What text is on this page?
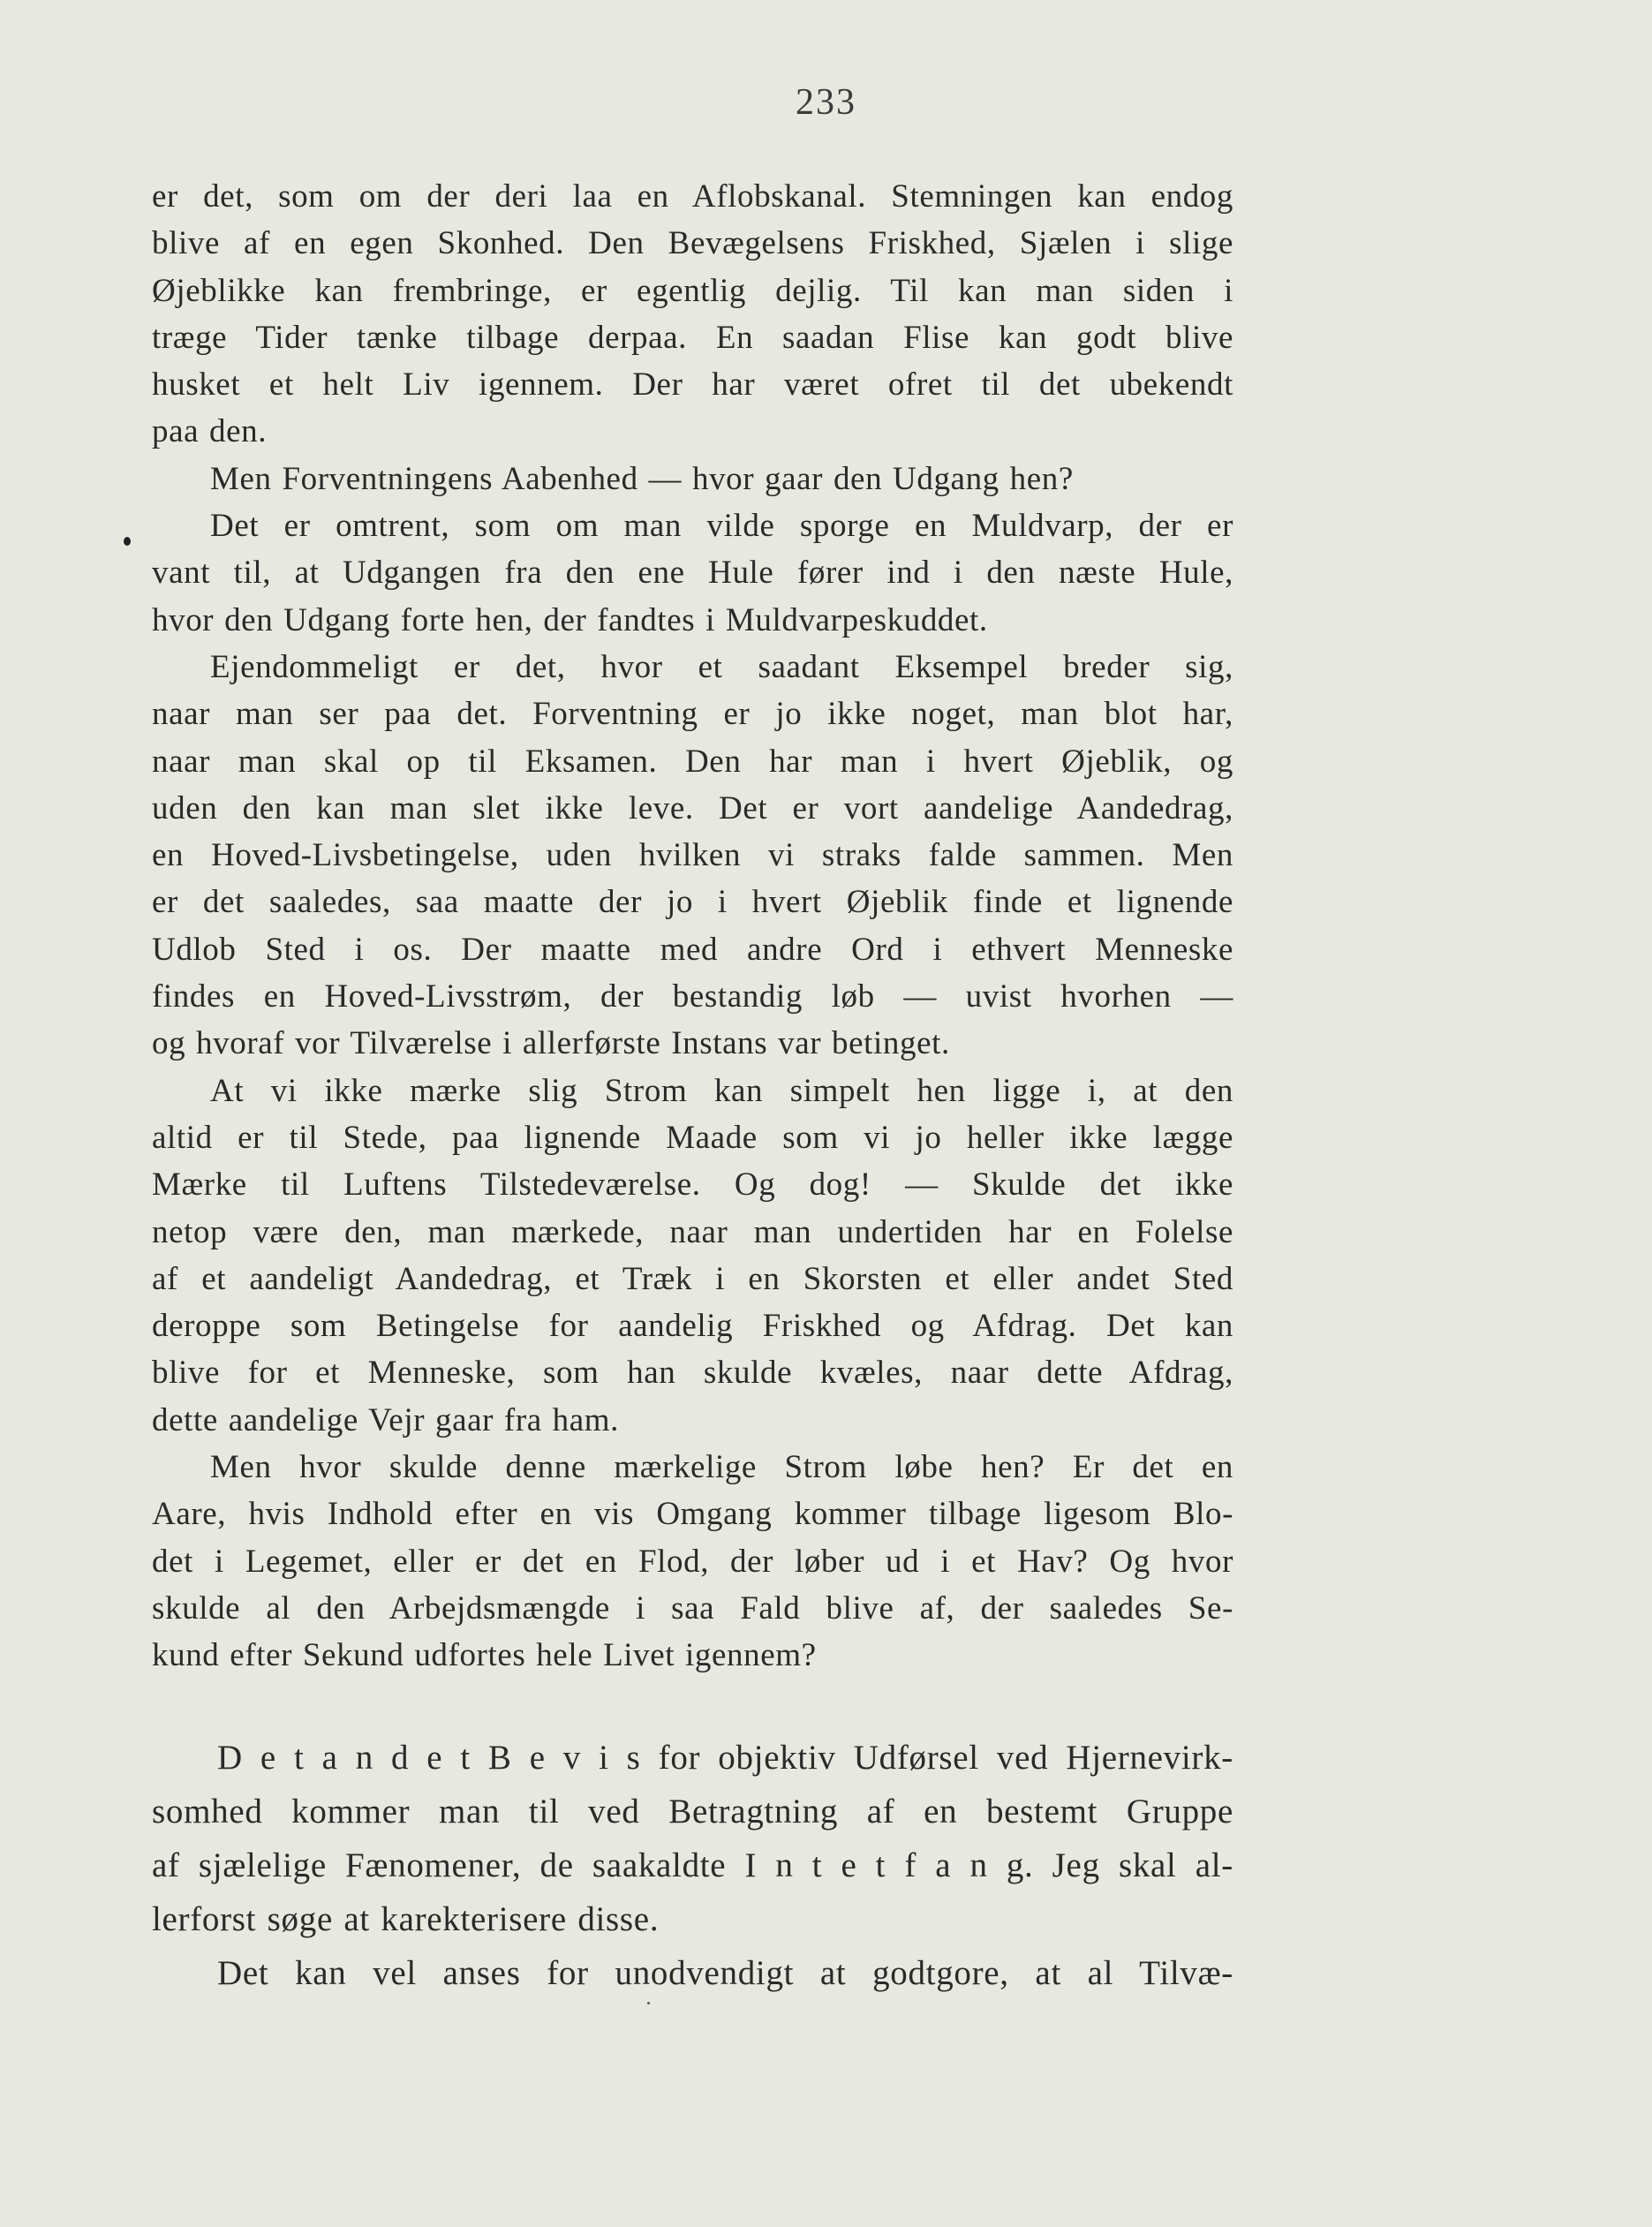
233
er det, som om der deri laa en Aflobskanal. Stemningen kan endog
blive af en egen Skonhed. Den Bevægelsens Friskhed, Sjælen i slige
Øjeblikke kan frembringe, er egentlig dejlig. Til kan man siden i
træge Tider tænke tilbage derpaa. En saadan Flise kan godt blive
husket et helt Liv igennem. Der har været ofret til det ubekendt
paa den.
Men Forventningens Aabenhed — hvor gaar den Udgang hen?
Det er omtrent, som om man vilde sporge en Muldvarp, der er
vant til, at Udgangen fra den ene Hule fører ind i den næste Hule,
hvor den Udgang forte hen, der fandtes i Muldvarpeskuddet.
Ejendommeligt er det, hvor et saadant Eksempel breder sig,
naar man ser paa det. Forventning er jo ikke noget, man blot har,
naar man skal op til Eksamen. Den har man i hvert Øjeblik, og
uden den kan man slet ikke leve. Det er vort aandelige Aandedrag,
en Hoved-Livsbetingelse, uden hvilken vi straks falde sammen. Men
er det saaledes, saa maatte der jo i hvert Øjeblik finde et lignende
Udlob Sted i os. Der maatte med andre Ord i ethvert Menneske
findes en Hoved-Livsstrøm, der bestandig løb — uvist hvorhen —
og hvoraf vor Tilværelse i allerførste Instans var betinget.
At vi ikke mærke slig Strom kan simpelt hen ligge i, at den
altid er til Stede, paa lignende Maade som vi jo heller ikke lægge
Mærke til Luftens Tilstedeværelse. Og dog! — Skulde det ikke
netop være den, man mærkede, naar man undertiden har en Folelse
af et aandeligt Aandedrag, et Træk i en Skorsten et eller andet Sted
deroppe som Betingelse for aandelig Friskhed og Afdrag. Det kan
blive for et Menneske, som han skulde kvæles, naar dette Afdrag,
dette aandelige Vejr gaar fra ham.
Men hvor skulde denne mærkelige Strom løbe hen? Er det en
Aare, hvis Indhold efter en vis Omgang kommer tilbage ligesom Blo-
det i Legemet, eller er det en Flod, der løber ud i et Hav? Og hvor
skulde al den Arbejdsmængde i saa Fald blive af, der saaledes Se-
kund efter Sekund udfortes hele Livet igennem?
D e t a n d e t B e v i s for objektiv Udførsel ved Hjernevirk-
somhed kommer man til ved Betragtning af en bestemt Gruppe
af sjælelige Fænomener, de saakaldte I n t e t f a n g. Jeg skal al-
lerforst søge at karekterisere disse.
Det kan vel anses for unodvendigt at godtgore, at al Tilvæ-
